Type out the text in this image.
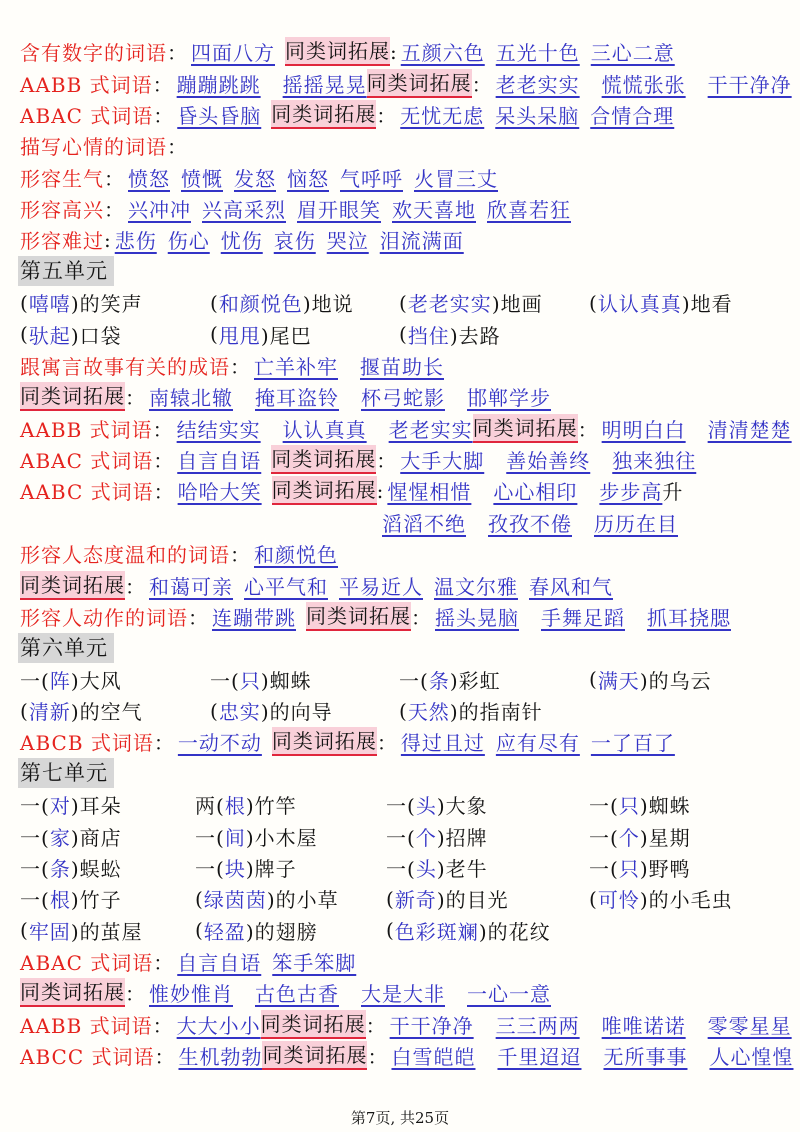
含有数字的词语 ： 四面八方 同类词拓展 : 五颜六色 五光十色 三心二意
AABB 式词语 ： 蹦蹦跳跳 摇摇晃晃 同类词拓展 ： 老老实实 慌慌张张 干干净净
ABAC 式词语 ： 昏头昏脑 同类词拓展 ： 无忧无虑 呆头呆脑 合情合理
描写心情的词语 ：
形容生气 ： 愤怒 愤慨 发怒 恼怒 气呼呼 火冒三丈
形容高兴 ： 兴冲冲 兴高采烈 眉开眼笑 欢天喜地 欣喜若狂
形容难过 : 悲伤 伤心 忧伤 哀伤 哭泣 泪流满面
第五单元
( 嘻嘻 )的笑声	( 和颜悦色 )地说 ( 老老实实 )地画 ( 认认真真 )地看
( 驮起 )口袋	( 甩甩 )尾巴	( 挡住 )去路
跟寓言故事有关的成语 ： 亡羊补牢 揠苗助长
同类词拓展 ： 南辕北辙 掩耳盗铃 杯弓蛇影 邯郸学步
AABB 式词语 ： 结结实实 认认真真 老老实实 同类词拓展 ： 明明白白 清清楚楚
ABAC 式词语 ： 自言自语 同类词拓展 ： 大手大脚 善始善终 独来独往
AABC 式词语 ： 哈哈大笑 同类词拓展 : 惺惺相惜 心心相印 步步高 升
滔滔不绝 孜孜不倦 历历在目
形容人态度温和的词语 ： 和颜悦色
同类词拓展 ： 和蔼可亲 心平气和 平易近人 温文尔雅 春风和气
形容人动作的词语 ： 连蹦带跳 同类词拓展 ： 摇头晃脑 手舞足蹈 抓耳挠腮
第六单元
一( 阵 )大风	一( 只 )蜘蛛	一( 条 )彩虹	( 满天 )的乌云
( 清新 )的空气	( 忠实 )的向导	( 天然 )的指南针
ABCB 式词语 ： 一动不动 同类词拓展 ： 得过且过 应有尽有 一了百了
第七单元
一( 对 )耳朵	两( 根 )竹竿	一( 头 )大象	一( 只 )蜘蛛
一( 家 )商店	一( 间 )小木屋	一( 个 )招牌	一( 个 )星期
一( 条 )蜈蚣	一( 块 )牌子	一( 头 )老牛	一( 只 )野鸭
一( 根 )竹子	( 绿茵茵 )的小草 ( 新奇 )的目光	( 可怜 )的小毛虫
( 牢固 )的茧屋	( 轻盈 )的翅膀	( 色彩斑斓 )的花纹
ABAC 式词语 ： 自言自语 笨手笨脚
同类词拓展 ： 惟妙惟肖 古色古香 大是大非 一心一意
AABB 式词语 ： 大大小小 同类词拓展 ： 干干净净 三三两两 唯唯诺诺 零零星星
ABCC 式词语 ： 生机勃勃 同类词拓展 ： 白雪皑皑 千里迢迢 无所事事 人心惶惶
第7页, 共25页
